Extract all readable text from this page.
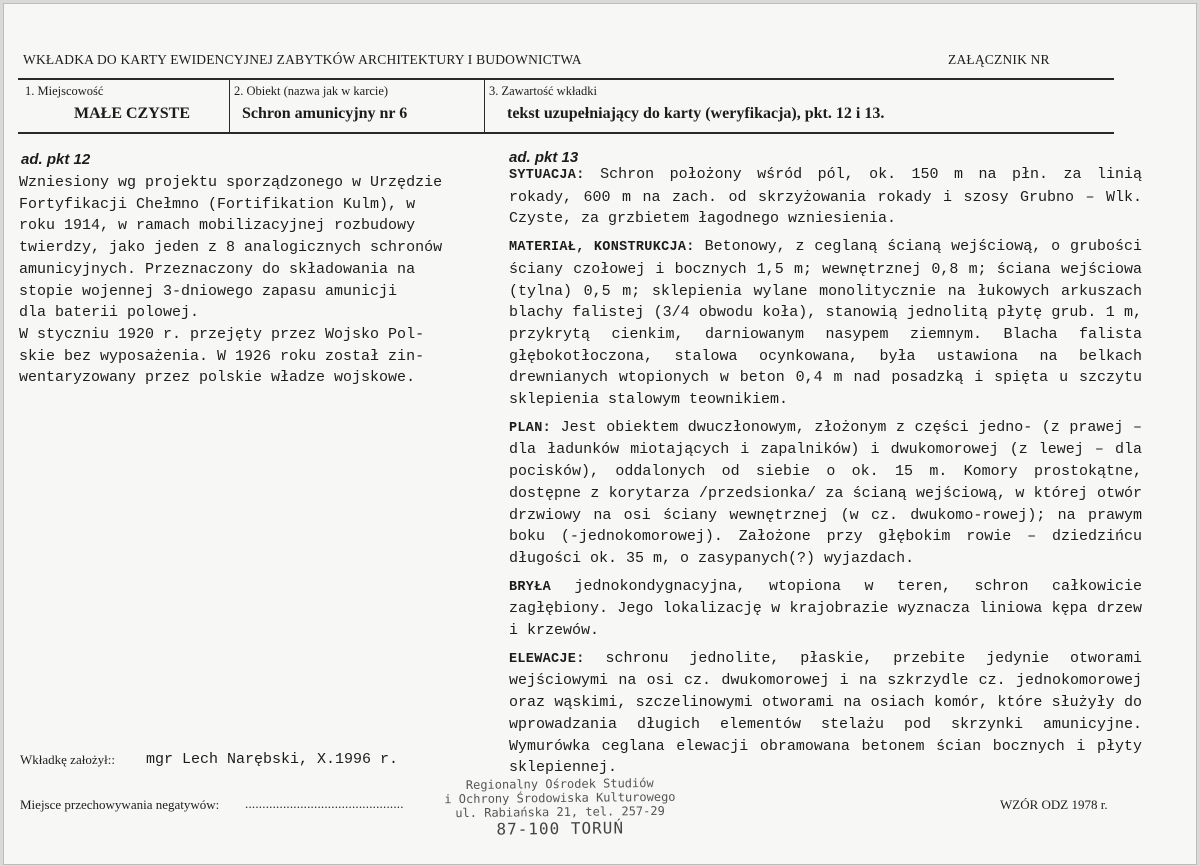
WKŁADKA DO KARTY EWIDENCYJNEJ ZABYTKÓW ARCHITEKTURY I BUDOWNICTWA	ZAŁĄCZNIK NR
1. Miejscowość	2. Obiekt (nazwa jak w karcie)	3. Zawartość wkładki
MAŁE CZYSTE	Schron amunicyjny nr 6	tekst uzupełniający do karty (weryfikacja), pkt. 12 i 13.
ad. pkt 12
Wzniesiony wg projektu sporządzonego w Urzędzie
Fortyfikacji Chełmno (Fortifikation Kulm), w
roku 1914, w ramach mobilizacyjnej rozbudowy
twierdzy, jako jeden z 8 analogicznych schronów
amunicyjnych. Przeznaczony do składowania na
stopie wojennej 3-dniowego zapasu amunicji
dla baterii polowej.
W styczniu 1920 r. przejęty przez Wojsko Pol-
skie bez wyposażenia. W 1926 roku został zin-
wentaryzowany przez polskie władze wojskowe.
ad. pkt 13

SYTUACJA: Schron położony wśród pól, ok. 150 m na płn. za linią rokady, 600 m na zach. od skrzyżowania rokady i szosy Grubno – Wlk. Czyste, za grzbietem łagodnego wzniesienia.

MATERIAŁ, KONSTRUKCJA: Betonowy, z ceglaną ścianą wejściową, o grubości ściany czołowej i bocznych 1,5 m; wewnętrznej 0,8 m; ściana wejściowa (tylna) 0,5 m; sklepienia wylane monolitycznie na łukowych arkuszach blachy falistej (3/4 obwodu koła), stanowią jednolitą płytę grub. 1 m, przykrytą cienkim, darniowanym nasypem ziemnym. Blacha falista głębokotłoczona, stalowa ocynkowana, była ustawiona na belkach drewnianych wtopionych w beton 0,4 m nad posadzką i spięta u szczytu sklepienia stalowym teownikiem.

PLAN: Jest obiektem dwuczłonowym, złożonym z części jedno- (z prawej – dla ładunków miotających i zapalników) i dwukomorowej (z lewej – dla pocisków), oddalonych od siebie o ok. 15 m. Komory prostokątne, dostępne z korytarza /przedsionka/ za ścianą wejściową, w której otwór drzwiowy na osi ściany wewnętrznej (w cz. dwukomo-rowej); na prawym boku (-jednokomorowej). Założone przy głębokim rowie – dziedzińcu długości ok. 35 m, o zasypanych(?) wyjazdach.

BRYŁA jednokondygnacyjna, wtopiona w teren, schron całkowicie zagłębiony. Jego lokalizację w krajobrazie wyznacza liniowa kępa drzew i krzewów.

ELEWACJE: schronu jednolite, płaskie, przebite jedynie otworami wejściowymi na osi cz. dwukomorowej i na szkrzydle cz. jednokomorowej oraz wąskimi, szczelinowymi otworami na osiach komór, które służyły do wprowadzania długich elementów stelażu pod skrzynki amunicyjne. Wymurówka ceglana elewacji obramowana betonem ścian bocznych i płyty sklepiennej.

Wkładkę założył:: mgr Lech Narębski, X.1996 r.
Miejsce przechowywania negatywów: ..............................................	WZÓR ODZ 1978 r.
Regionalny Ośrodek Studiów
i Ochrony Środowiska Kulturowego
ul. Rabiańska 21, tel. 257-29
87-100 TORUŃ
